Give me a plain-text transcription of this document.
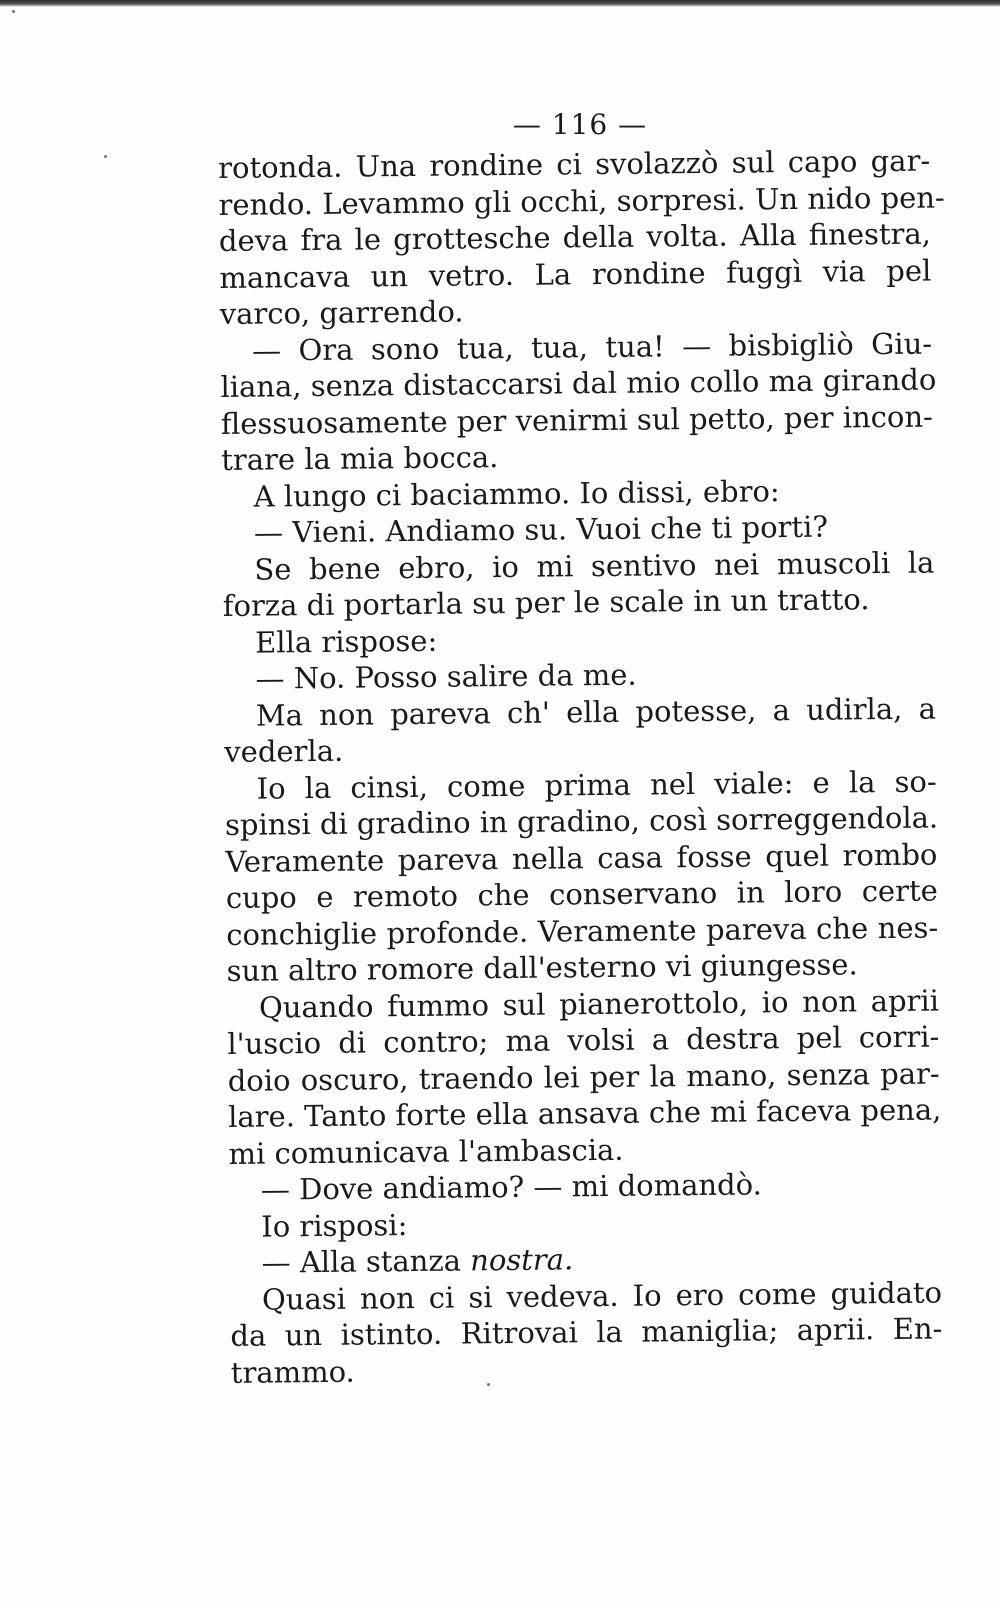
— 116 —

rotonda. Una rondine ci svolazzò sul capo gar-
rendo. Levammo gli occhi, sorpresi. Un nido pen-
deva fra le grottesche della volta. Alla finestra,
mancava un vetro. La rondine fuggì via pel
varco, garrendo.
— Ora sono tua, tua, tua! — bisbigliò Giu-
liana, senza distaccarsi dal mio collo ma girando
flessuosamente per venirmi sul petto, per incon-
trare la mia bocca.
A lungo ci baciammo. Io dissi, ebro:
— Vieni. Andiamo su. Vuoi che ti porti?
Se bene ebro, io mi sentivo nei muscoli la
forza di portarla su per le scale in un tratto.
Ella rispose:
— No. Posso salire da me.
Ma non pareva ch' ella potesse, a udirla, a
vederla.
Io la cinsi, come prima nel viale: e la so-
spinsi di gradino in gradino, così sorreggendola.
Veramente pareva nella casa fosse quel rombo
cupo e remoto che conservano in loro certe
conchiglie profonde. Veramente pareva che nes-
sun altro romore dall'esterno vi giungesse.
Quando fummo sul pianerottolo, io non aprii
l'uscio di contro; ma volsi a destra pel corri-
doio oscuro, traendo lei per la mano, senza par-
lare. Tanto forte ella ansava che mi faceva pena,
mi comunicava l'ambascia.
— Dove andiamo? — mi domandò.
Io risposi:
— Alla stanza nostra.
Quasi non ci si vedeva. Io ero come guidato
da un istinto. Ritrovai la maniglia; aprii. En-
trammo.
